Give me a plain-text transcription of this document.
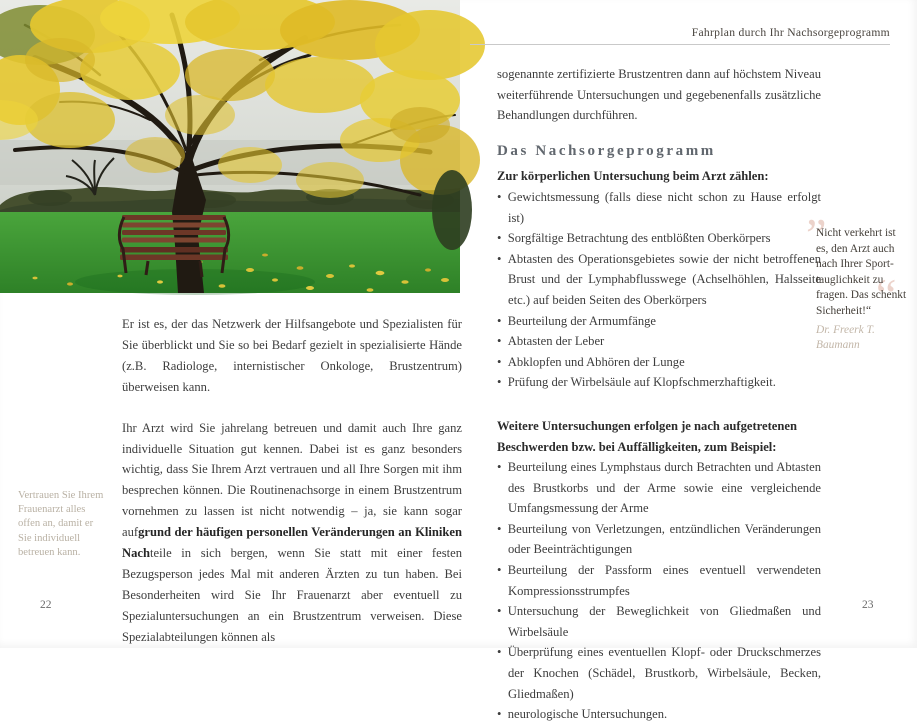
Vertrauen Sie Ihrem Frauenarzt alles offen an, damit er Sie individuell betreuen kann.

Er ist es, der das Netzwerk der Hilfsangebote und Spezialisten für Sie überblickt und Sie so bei Bedarf gezielt in spezialisierte Hände (z.B. Radiologe, internistischer Onkologe, Brustzentrum) überweisen kann.

Ihr Arzt wird Sie jahrelang betreuen und damit auch Ihre ganz individuelle Situation gut kennen. Dabei ist es ganz besonders wichtig, dass Sie Ihrem Arzt vertrauen und all Ihre Sorgen mit ihm besprechen können. Die Routinenachsorge in einem Brustzentrum vornehmen zu lassen ist nicht notwendig – ja, sie kann sogar aufgrund der häufigen personellen Veränderungen an Kliniken Nachteile in sich bergen, wenn Sie statt mit einer festen Bezugsperson jedes Mal mit anderen Ärzten zu tun haben. Bei Besonderheiten wird Sie Ihr Frauenarzt aber eventuell zu Spezialuntersuchungen an ein Brustzentrum verweisen. Diese Spezialabteilungen können als

22
Fahrplan durch Ihr Nachsorgeprogramm

sogenannte zertifizierte Brustzentren dann auf höchstem Niveau weiterführende Untersuchungen und gegebenenfalls zusätzliche Behandlungen durchführen.

Das Nachsorgeprogramm

Zur körperlichen Untersuchung beim Arzt zählen:

• Gewichtsmessung (falls diese nicht schon zu Hause erfolgt ist)
• Sorgfältige Betrachtung des entblößten Oberkörpers
• Abtasten des Operationsgebietes sowie der nicht betroffenen Brust und der Lymphabflusswege (Achselhöhlen, Halsseite etc.) auf beiden Seiten des Oberkörpers
• Beurteilung der Armumfänge
• Abtasten der Leber
• Abklopfen und Abhören der Lunge
• Prüfung der Wirbelsäule auf Klopfschmerzhaftigkeit.

Weitere Untersuchungen erfolgen je nach aufgetretenen Beschwerden bzw. bei Auffälligkeiten, zum Beispiel:

• Beurteilung eines Lymphstaus durch Betrachten und Abtasten des Brustkorbs und der Arme sowie eine vergleichende Umfangsmessung der Arme
• Beurteilung von Verletzungen, entzündlichen Veränderungen oder Beeinträchtigungen
• Beurteilung der Passform eines eventuell verwendeten Kompressionsstrumpfes
• Untersuchung der Beweglichkeit von Gliedmaßen und Wirbelsäule
• Überprüfung eines eventuellen Klopf- oder Druckschmerzes der Knochen (Schädel, Brustkorb, Wirbelsäule, Becken, Gliedmaßen)
• neurologische Untersuchungen.
”
“
Nicht verkehrt ist es, den Arzt auch nach Ihrer Sporttauglichkeit zu fragen. Das schenkt Sicherheit!“
Dr. Freerk T. Baumann
23
